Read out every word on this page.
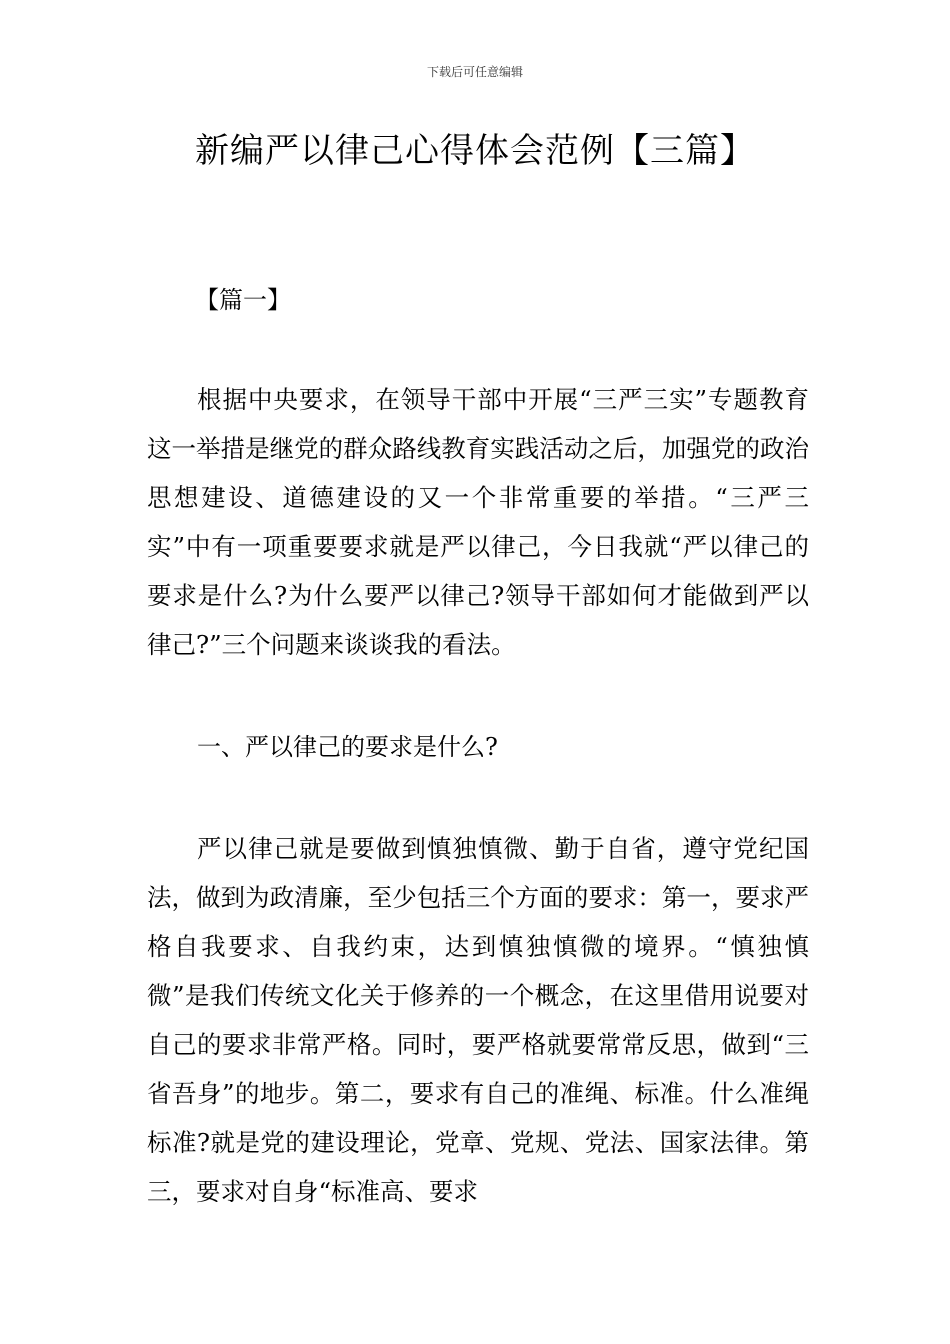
下载后可任意编辑
新编严以律己心得体会范例【三篇】
【篇一】

根据中央要求，在领导干部中开展“三严三实”专题教育这一举措是继党的群众路线教育实践活动之后，加强党的政治思想建设、道德建设的又一个非常重要的举措。“三严三实”中有一项重要要求就是严以律己，今日我就“严以律己的要求是什么?为什么要严以律己?领导干部如何才能做到严以律己?”三个问题来谈谈我的看法。

一、严以律己的要求是什么?

严以律己就是要做到慎独慎微、勤于自省，遵守党纪国法，做到为政清廉，至少包括三个方面的要求：第一，要求严格自我要求、自我约束，达到慎独慎微的境界。“慎独慎微”是我们传统文化关于修养的一个概念，在这里借用说要对自己的要求非常严格。同时，要严格就要常常反思，做到“三省吾身”的地步。第二，要求有自己的准绳、标准。什么准绳标准?就是党的建设理论，党章、党规、党法、国家法律。第三，要求对自身“标准高、要求
